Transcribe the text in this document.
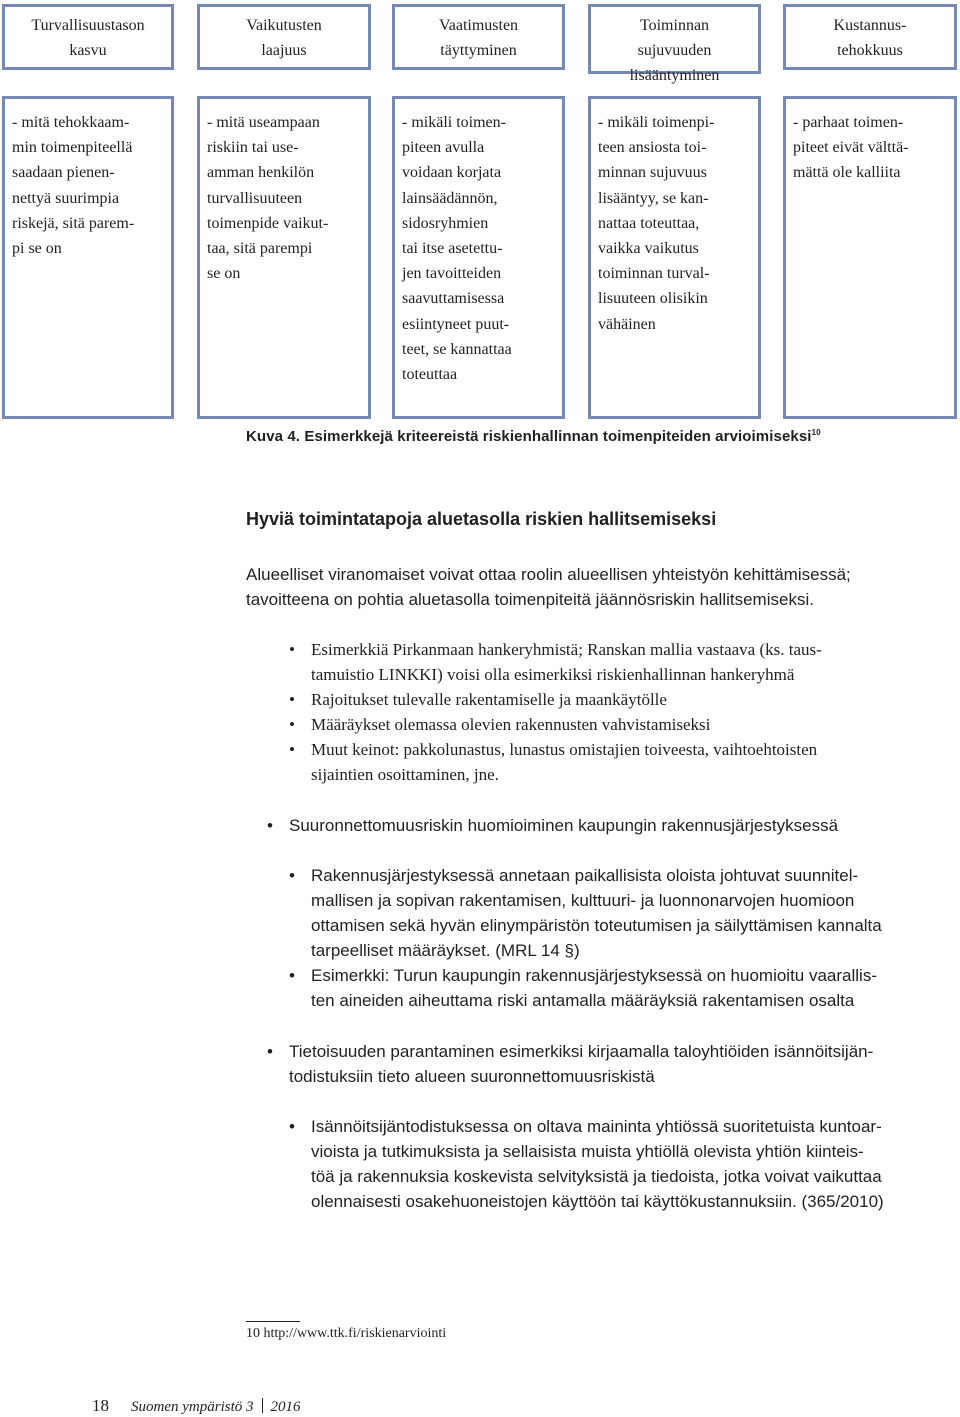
Turvallisuustason
kasvu
Vaikutusten
laajuus
Vaatimusten
täyttyminen
Toiminnan
sujuvuuden
lisääntyminen
Kustannus-
tehokkuus
- mitä tehokkaam-
min toimenpiteellä
saadaan pienen-
nettyä suurimpia
riskejä, sitä parem-
pi se on
- mitä useampaan
riskiin tai use-
amman henkilön
turvallisuuteen
toimenpide vaikut-
taa, sitä parempi
se on
- mikäli toimen-
piteen avulla
voidaan korjata
lainsäädännön,
sidosryhmien
tai itse asetettu-
jen tavoitteiden
saavuttamisessa
esiintyneet puut-
teet, se kannattaa
toteuttaa
- mikäli toimenpi-
teen ansiosta toi-
minnan sujuvuus
lisääntyy, se kan-
nattaa toteuttaa,
vaikka vaikutus
toiminnan turval-
lisuuteen olisikin
vähäinen
- parhaat toimen-
piteet eivät välttä-
mättä ole kalliita
Kuva 4. Esimerkkejä kriteereistä riskienhallinnan toimenpiteiden arvioimiseksi$^{10}$
Hyviä toimintatapoja aluetasolla riskien hallitsemiseksi
Alueelliset viranomaiset voivat ottaa roolin alueellisen yhteistyön kehittämisessä;
tavoitteena on pohtia aluetasolla toimenpiteitä jäännösriskin hallitsemiseksi.
• Esimerkkiä Pirkanmaan hankeryhmistä; Ranskan mallia vastaava (ks. taus-
tamuistio LINKKI) voisi olla esimerkiksi riskienhallinnan hankeryhmä
• Rajoitukset tulevalle rakentamiselle ja maankäytölle
• Määräykset olemassa olevien rakennusten vahvistamiseksi
• Muut keinot: pakkolunastus, lunastus omistajien toiveesta, vaihtoehtoisten
sijaintien osoittaminen, jne.
• Suuronnettomuusriskin huomioiminen kaupungin rakennusjärjestyksessä
• Rakennusjärjestyksessä annetaan paikallisista oloista johtuvat suunnitel-
mallisen ja sopivan rakentamisen, kulttuuri- ja luonnonarvojen huomioon
ottamisen sekä hyvän elinympäristön toteutumisen ja säilyttämisen kannalta
tarpeelliset määräykset. (MRL 14 §)
• Esimerkki: Turun kaupungin rakennusjärjestyksessä on huomioitu vaarallis-
ten aineiden aiheuttama riski antamalla määräyksiä rakentamisen osalta
• Tietoisuuden parantaminen esimerkiksi kirjaamalla taloyhtiöiden isännöitsijän-
todistuksiin tieto alueen suuronnettomuusriskistä
• Isännöitsijäntodistuksessa on oltava maininta yhtiössä suoritetuista kuntoar-
vioista ja tutkimuksista ja sellaisista muista yhtiöllä olevista yhtiön kiinteis-
töä ja rakennuksia koskevista selvityksistä ja tiedoista, jotka voivat vaikuttaa
olennaisesti osakehuoneistojen käyttöön tai käyttökustannuksiin. (365/2010)
10 http://www.ttk.fi/riskienarviointi
18 Suomen ympäristö 3 2016
